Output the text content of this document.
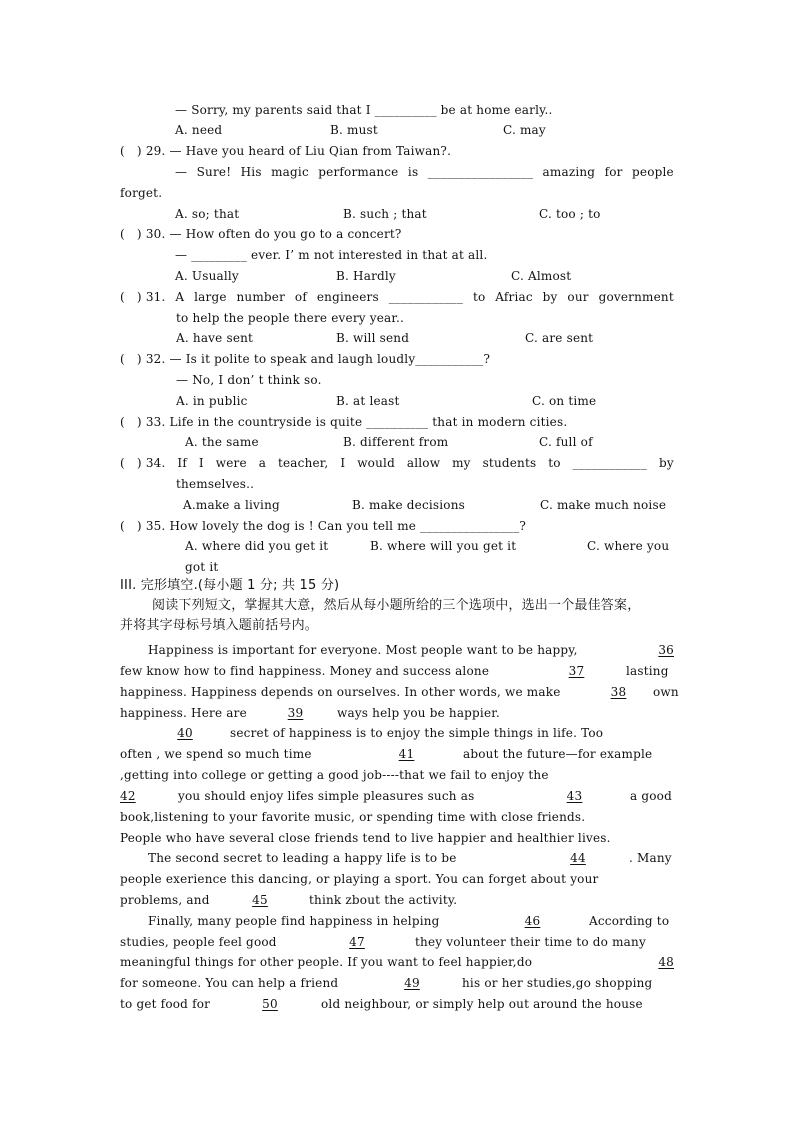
— Sorry, my parents said that I __________ be at home early..
A. need	B. must	C. may
(   ) 29. — Have you heard of Liu Qian from Taiwan?.
— Sure! His magic performance is _________________ amazing for people
forget.
A. so; that	B. such ; that	C. too ; to
(   ) 30. — How often do you go to a concert?
— _________ ever. I’ m not interested in that at all.
A. Usually	B. Hardly	C. Almost
(   ) 31. A large number of engineers ____________ to Afriac by our government
to help the people there every year..
A. have sent	B. will send	C. are sent
(   ) 32. — Is it polite to speak and laugh loudly___________?
— No, I don’ t think so.
A. in public	B. at least	C. on time
(   ) 33. Life in the countryside is quite __________ that in modern cities.
A. the same	B. different from	C. full of
(   ) 34. If I were a teacher, I would allow my students to ____________ by
themselves..
A.make a living	B. make decisions	C. make much noise
(   ) 35. How lovely the dog is ! Can you tell me ________________?
A. where did you get it	B. where will you get it	C. where you
got it
III. 完形填空.(每小题 1 分; 共 15 分)
阅读下列短文，掌握其大意，然后从每小题所给的三个选项中，选出一个最佳答案，
并将其字母标号填入题前括号内。
Happiness is important for everyone. Most people want to be happy,	36
few know how to find happiness. Money and success alone	37	lasting
happiness. Happiness depends on ourselves. In other words, we make	38	own
happiness. Here are	39	ways help you be happier.
40	secret of happiness is to enjoy the simple things in life. Too
often , we spend so much time	41	about the future—for example
,getting into college or getting a good job----that we fail to enjoy the
42	you should enjoy lifes simple pleasures such as	43	a good
book,listening to your favorite music, or spending time with close friends.
People who have several close friends tend to live happier and healthier lives.
The second secret to leading a happy life is to be	44	. Many
people exerience this dancing, or playing a sport. You can forget about your
problems, and	45	think zbout the activity.
Finally, many people find happiness in helping	46	According to
studies, people feel good	47	they volunteer their time to do many
meaningful things for other people. If you want to feel happier,do	48
for someone. You can help a friend	49	his or her studies,go shopping
to get food for	50	old neighbour, or simply help out around the house
